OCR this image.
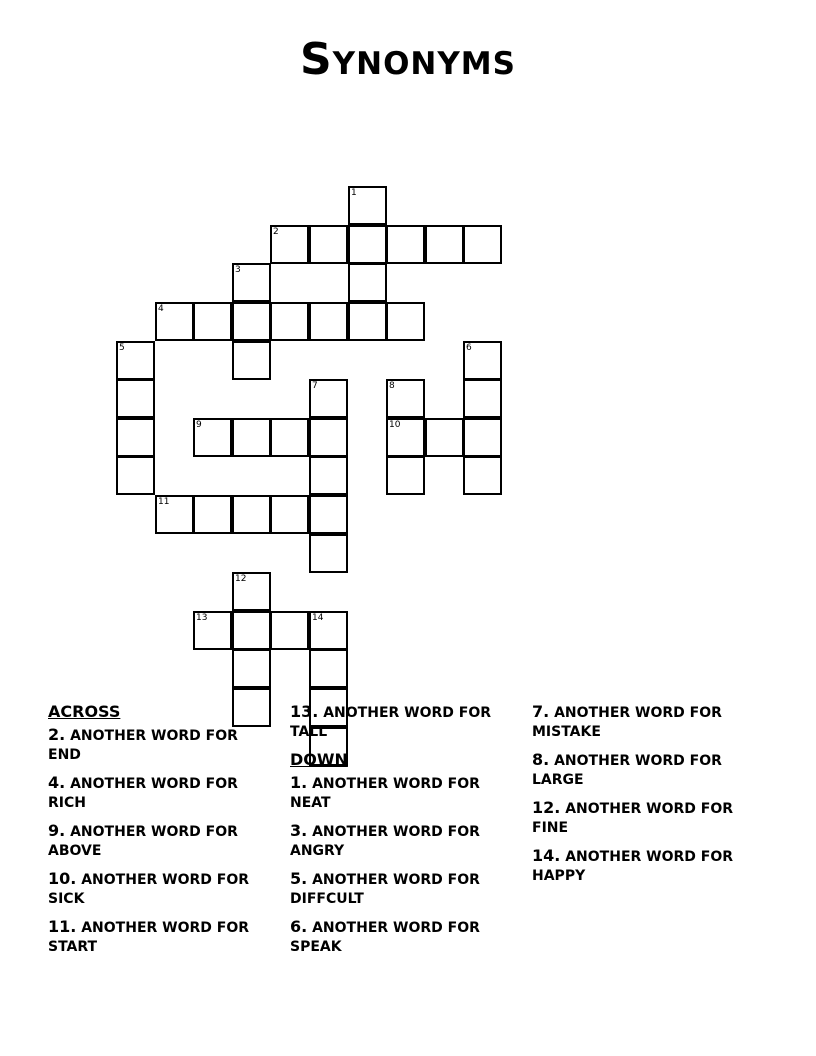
Synonyms
1
2
3
4
5	6
7	8
9	10
11
12
13	14
ACROSS
2. ANOTHER WORD FOR END
4. ANOTHER WORD FOR RICH
9. ANOTHER WORD FOR ABOVE
10. ANOTHER WORD FOR SICK
11. ANOTHER WORD FOR START
13. ANOTHER WORD FOR TALL
DOWN
1. ANOTHER WORD FOR NEAT
3. ANOTHER WORD FOR ANGRY
5. ANOTHER WORD FOR DIFFCULT
6. ANOTHER WORD FOR SPEAK
7. ANOTHER WORD FOR MISTAKE
8. ANOTHER WORD FOR LARGE
12. ANOTHER WORD FOR FINE
14. ANOTHER WORD FOR HAPPY
